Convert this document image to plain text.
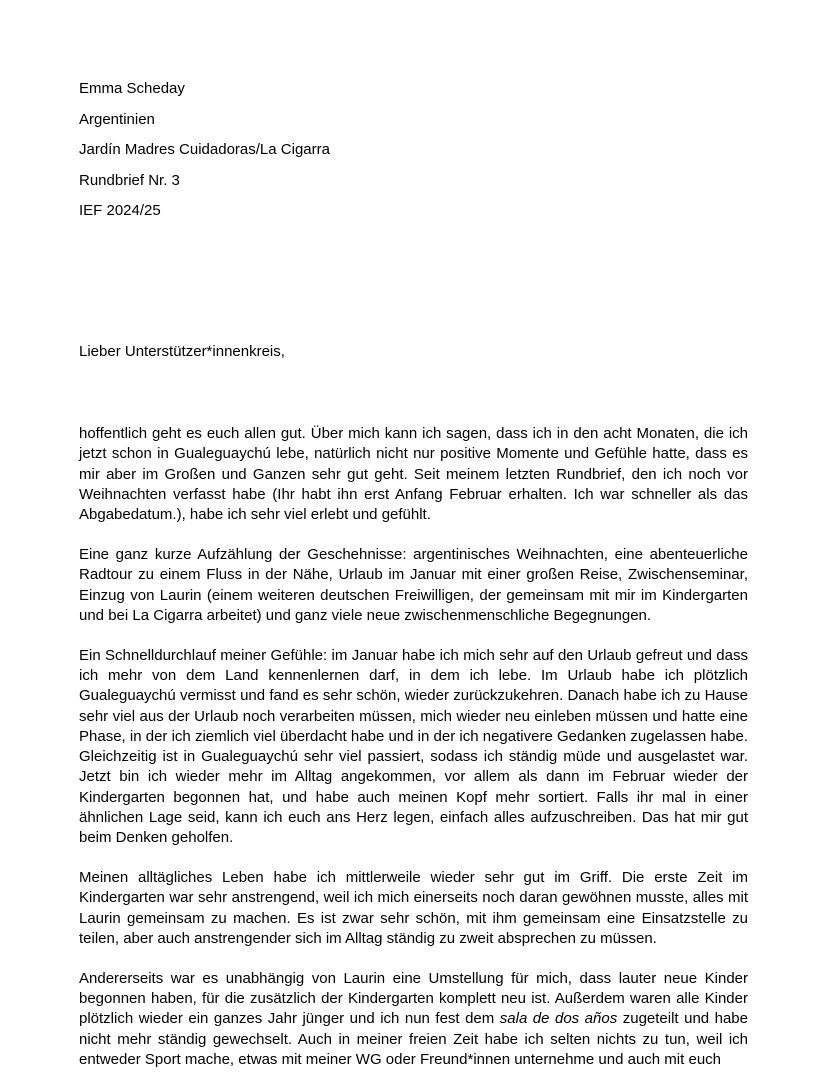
Emma Scheday
Argentinien
Jardín Madres Cuidadoras/La Cigarra
Rundbrief Nr. 3
IEF 2024/25
Lieber Unterstützer*innenkreis,

hoffentlich geht es euch allen gut. Über mich kann ich sagen, dass ich in den acht Monaten, die ich jetzt schon in Gualeguaychú lebe, natürlich nicht nur positive Momente und Gefühle hatte, dass es mir aber im Großen und Ganzen sehr gut geht. Seit meinem letzten Rundbrief, den ich noch vor Weihnachten verfasst habe (Ihr habt ihn erst Anfang Februar erhalten. Ich war schneller als das Abgabedatum.), habe ich sehr viel erlebt und gefühlt.

Eine ganz kurze Aufzählung der Geschehnisse: argentinisches Weihnachten, eine abenteuerliche Radtour zu einem Fluss in der Nähe, Urlaub im Januar mit einer großen Reise, Zwischenseminar, Einzug von Laurin (einem weiteren deutschen Freiwilligen, der gemeinsam mit mir im Kindergarten und bei La Cigarra arbeitet) und ganz viele neue zwischenmenschliche Begegnungen.

Ein Schnelldurchlauf meiner Gefühle: im Januar habe ich mich sehr auf den Urlaub gefreut und dass ich mehr von dem Land kennenlernen darf, in dem ich lebe. Im Urlaub habe ich plötzlich Gualeguaychú vermisst und fand es sehr schön, wieder zurückzukehren. Danach habe ich zu Hause sehr viel aus der Urlaub noch verarbeiten müssen, mich wieder neu einleben müssen und hatte eine Phase, in der ich ziemlich viel überdacht habe und in der ich negativere Gedanken zugelassen habe. Gleichzeitig ist in Gualeguaychú sehr viel passiert, sodass ich ständig müde und ausgelastet war. Jetzt bin ich wieder mehr im Alltag angekommen, vor allem als dann im Februar wieder der Kindergarten begonnen hat, und habe auch meinen Kopf mehr sortiert. Falls ihr mal in einer ähnlichen Lage seid, kann ich euch ans Herz legen, einfach alles aufzuschreiben. Das hat mir gut beim Denken geholfen.

Meinen alltägliches Leben habe ich mittlerweile wieder sehr gut im Griff. Die erste Zeit im Kindergarten war sehr anstrengend, weil ich mich einerseits noch daran gewöhnen musste, alles mit Laurin gemeinsam zu machen. Es ist zwar sehr schön, mit ihm gemeinsam eine Einsatzstelle zu teilen, aber auch anstrengender sich im Alltag ständig zu zweit absprechen zu müssen.

Andererseits war es unabhängig von Laurin eine Umstellung für mich, dass lauter neue Kinder begonnen haben, für die zusätzlich der Kindergarten komplett neu ist. Außerdem waren alle Kinder plötzlich wieder ein ganzes Jahr jünger und ich nun fest dem sala de dos años zugeteilt und habe nicht mehr ständig gewechselt. Auch in meiner freien Zeit habe ich selten nichts zu tun, weil ich entweder Sport mache, etwas mit meiner WG oder Freund*innen unternehme und auch mit euch
